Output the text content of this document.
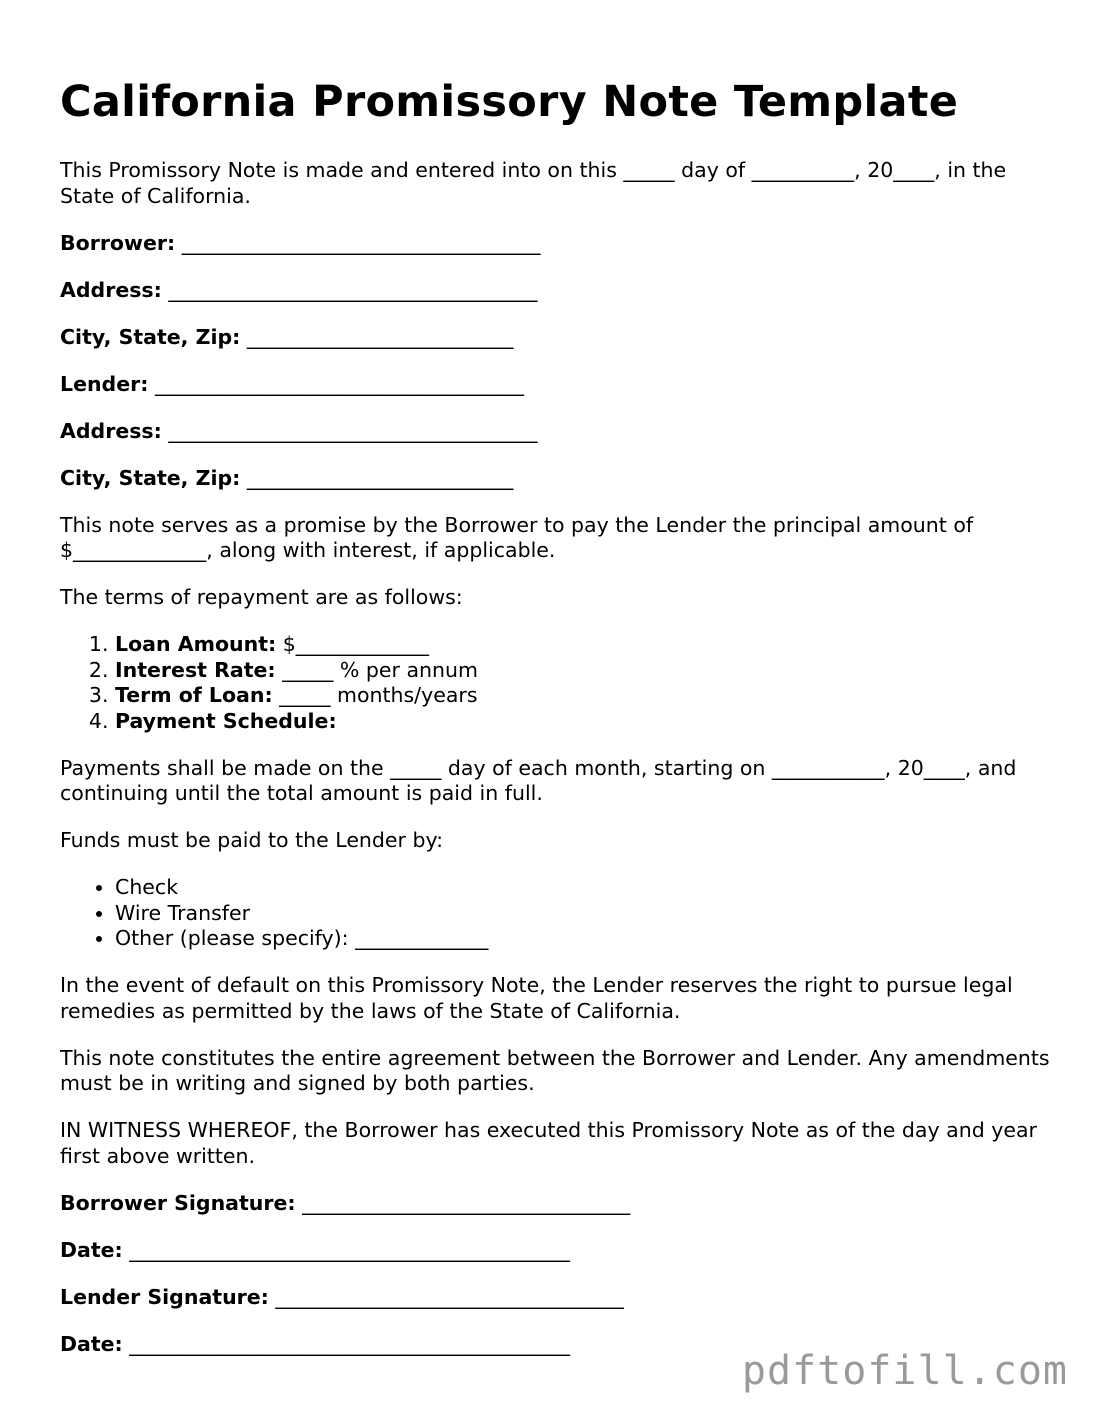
California Promissory Note Template

This Promissory Note is made and entered into on this _____ day of __________, 20____, in the State of California.

Borrower: ___________________________________
Address: ____________________________________
City, State, Zip: __________________________
Lender: ____________________________________
Address: ____________________________________
City, State, Zip: __________________________

This note serves as a promise by the Borrower to pay the Lender the principal amount of $_____________, along with interest, if applicable.

The terms of repayment are as follows:

1. Loan Amount: $_____________
2. Interest Rate: _____ % per annum
3. Term of Loan: _____ months/years
4. Payment Schedule:

Payments shall be made on the _____ day of each month, starting on ___________, 20____, and continuing until the total amount is paid in full.

Funds must be paid to the Lender by:

• Check
• Wire Transfer
• Other (please specify): _____________

In the event of default on this Promissory Note, the Lender reserves the right to pursue legal remedies as permitted by the laws of the State of California.

This note constitutes the entire agreement between the Borrower and Lender. Any amendments must be in writing and signed by both parties.

IN WITNESS WHEREOF, the Borrower has executed this Promissory Note as of the day and year first above written.

Borrower Signature: ________________________________
Date: ___________________________________________
Lender Signature: __________________________________
Date: ___________________________________________
pdftofill.com
